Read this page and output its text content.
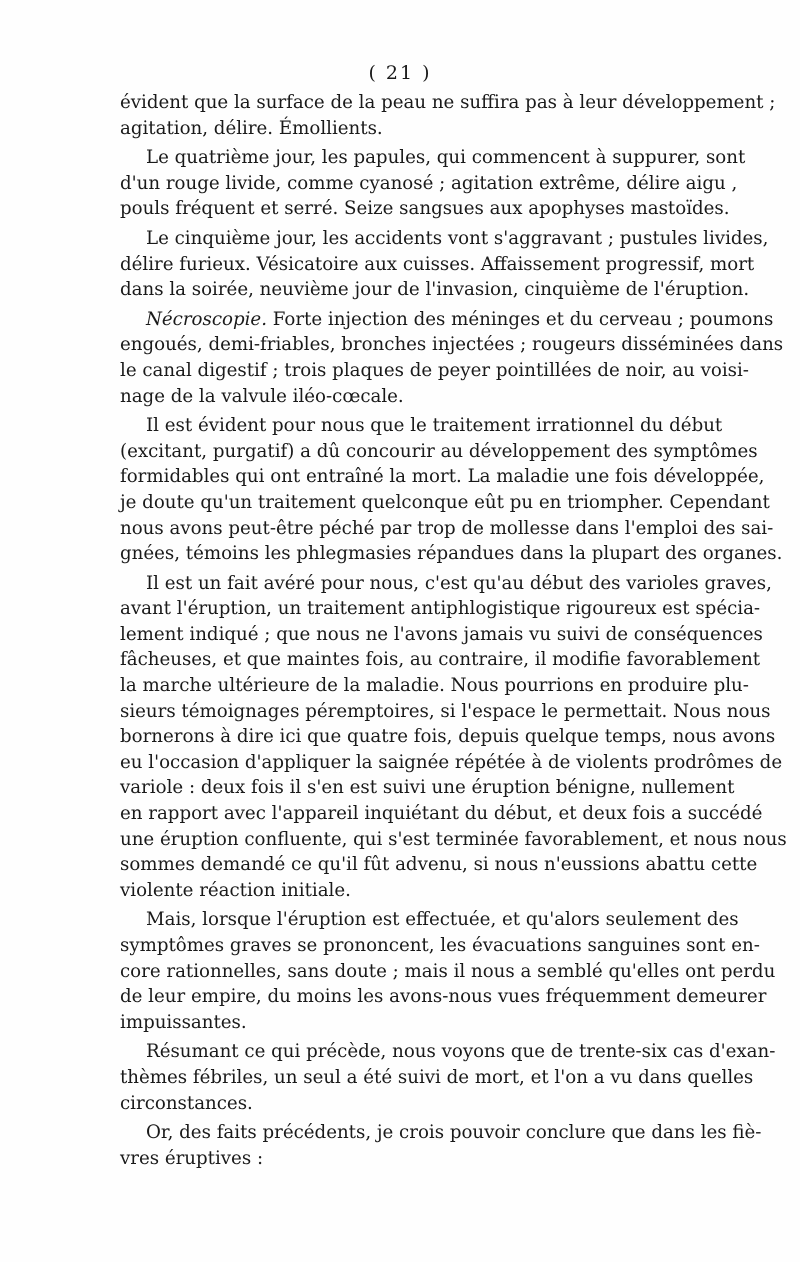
( 21 )
évident que la surface de la peau ne suffira pas à leur développement ;
agitation, délire. Émollients.
Le quatrième jour, les papules, qui commencent à suppurer, sont
d'un rouge livide, comme cyanosé ; agitation extrême, délire aigu ,
pouls fréquent et serré. Seize sangsues aux apophyses mastoïdes.
Le cinquième jour, les accidents vont s'aggravant ; pustules livides,
délire furieux. Vésicatoire aux cuisses. Affaissement progressif, mort
dans la soirée, neuvième jour de l'invasion, cinquième de l'éruption.
Nécroscopie. Forte injection des méninges et du cerveau ; poumons
engoués, demi-friables, bronches injectées ; rougeurs disséminées dans
le canal digestif ; trois plaques de peyer pointillées de noir, au voisi-
nage de la valvule iléo-cœcale.
Il est évident pour nous que le traitement irrationnel du début
(excitant, purgatif) a dû concourir au développement des symptômes
formidables qui ont entraîné la mort. La maladie une fois développée,
je doute qu'un traitement quelconque eût pu en triompher. Cependant
nous avons peut-être péché par trop de mollesse dans l'emploi des sai-
gnées, témoins les phlegmasies répandues dans la plupart des organes.
Il est un fait avéré pour nous, c'est qu'au début des varioles graves,
avant l'éruption, un traitement antiphlogistique rigoureux est spécia-
lement indiqué ; que nous ne l'avons jamais vu suivi de conséquences
fâcheuses, et que maintes fois, au contraire, il modifie favorablement
la marche ultérieure de la maladie. Nous pourrions en produire plu-
sieurs témoignages péremptoires, si l'espace le permettait. Nous nous
bornerons à dire ici que quatre fois, depuis quelque temps, nous avons
eu l'occasion d'appliquer la saignée répétée à de violents prodrômes de
variole : deux fois il s'en est suivi une éruption bénigne, nullement
en rapport avec l'appareil inquiétant du début, et deux fois a succédé
une éruption confluente, qui s'est terminée favorablement, et nous nous
sommes demandé ce qu'il fût advenu, si nous n'eussions abattu cette
violente réaction initiale.
Mais, lorsque l'éruption est effectuée, et qu'alors seulement des
symptômes graves se prononcent, les évacuations sanguines sont en-
core rationnelles, sans doute ; mais il nous a semblé qu'elles ont perdu
de leur empire, du moins les avons-nous vues fréquemment demeurer
impuissantes.
Résumant ce qui précède, nous voyons que de trente-six cas d'exan-
thèmes fébriles, un seul a été suivi de mort, et l'on a vu dans quelles
circonstances.
Or, des faits précédents, je crois pouvoir conclure que dans les fiè-
vres éruptives :
